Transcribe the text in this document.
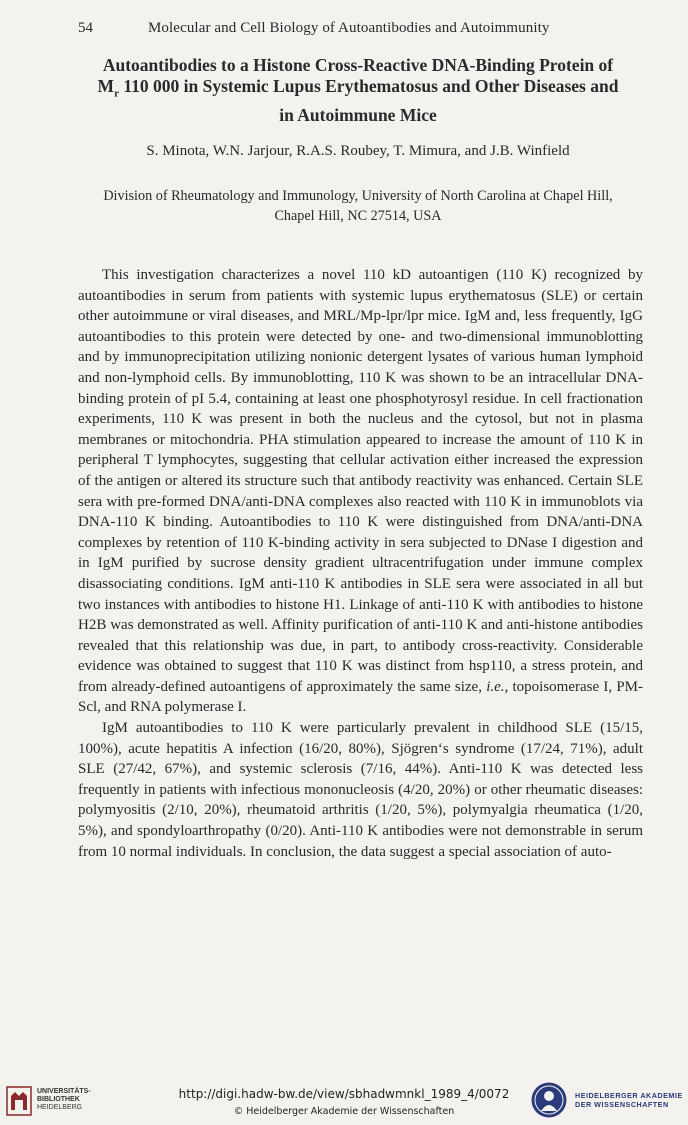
54	Molecular and Cell Biology of Autoantibodies and Autoimmunity
Autoantibodies to a Histone Cross-Reactive DNA-Binding Protein of
$M_r$ 110 000 in Systemic Lupus Erythematosus and Other Diseases and
in Autoimmune Mice
S. Minota, W.N. Jarjour, R.A.S. Roubey, T. Mimura, and J.B. Winfield
Division of Rheumatology and Immunology, University of North Carolina at Chapel Hill,
Chapel Hill, NC 27514, USA

This investigation characterizes a novel 110 kD autoantigen (110 K) recognized by autoantibodies in serum from patients with systemic lupus erythematosus (SLE) or certain other autoimmune or viral diseases, and MRL/Mp-lpr/lpr mice. IgM and, less frequently, IgG autoantibodies to this protein were detected by one- and two-dimensional immunoblotting and by immunoprecipitation utilizing nonionic detergent lysates of various human lymphoid and non-lymphoid cells. By immunoblotting, 110 K was shown to be an intracellular DNA-binding protein of pI 5.4, containing at least one phosphotyrosyl residue. In cell fractionation experiments, 110 K was present in both the nucleus and the cytosol, but not in plasma membranes or mitochondria. PHA stimulation appeared to increase the amount of 110 K in peripheral T lymphocytes, suggesting that cellular activation either increased the expression of the antigen or altered its structure such that antibody reactivity was enhanced. Certain SLE sera with pre-formed DNA/anti-DNA complexes also reacted with 110 K in immunoblots via DNA-110 K binding. Autoantibodies to 110 K were distinguished from DNA/anti-DNA complexes by retention of 110 K-binding activity in sera subjected to DNase I digestion and in IgM purified by sucrose density gradient ultracentrifugation under immune complex disassociating conditions. IgM anti-110 K antibodies in SLE sera were associated in all but two instances with antibodies to histone H1. Linkage of anti-110 K with antibodies to histone H2B was demonstrated as well. Affinity purification of anti-110 K and anti-histone antibodies revealed that this relationship was due, in part, to antibody cross-reactivity. Considerable evidence was obtained to suggest that 110 K was distinct from hsp110, a stress protein, and from already-defined autoantigens of approximately the same size, i.e., topoisomerase I, PM-Scl, and RNA polymerase I.

IgM autoantibodies to 110 K were particularly prevalent in childhood SLE (15/15, 100%), acute hepatitis A infection (16/20, 80%), Sjögren‘s syndrome (17/24, 71%), adult SLE (27/42, 67%), and systemic sclerosis (7/16, 44%). Anti-110 K was detected less frequently in patients with infectious mononucleosis (4/20, 20%) or other rheumatic diseases: polymyositis (2/10, 20%), rheumatoid arthritis (1/20, 5%), polymyalgia rheumatica (1/20, 5%), and spondyloarthropathy (0/20). Anti-110 K antibodies were not demonstrable in serum from 10 normal individuals. In conclusion, the data suggest a special association of auto-

UNIVERSITÄTS-
BIBLIOTHEK
HEIDELBERG
http://digi.hadw-bw.de/view/sbhadwmnkl_1989_4/0072
© Heidelberger Akademie der Wissenschaften
HEIDELBERGER AKADEMIE
DER WISSENSCHAFTEN
